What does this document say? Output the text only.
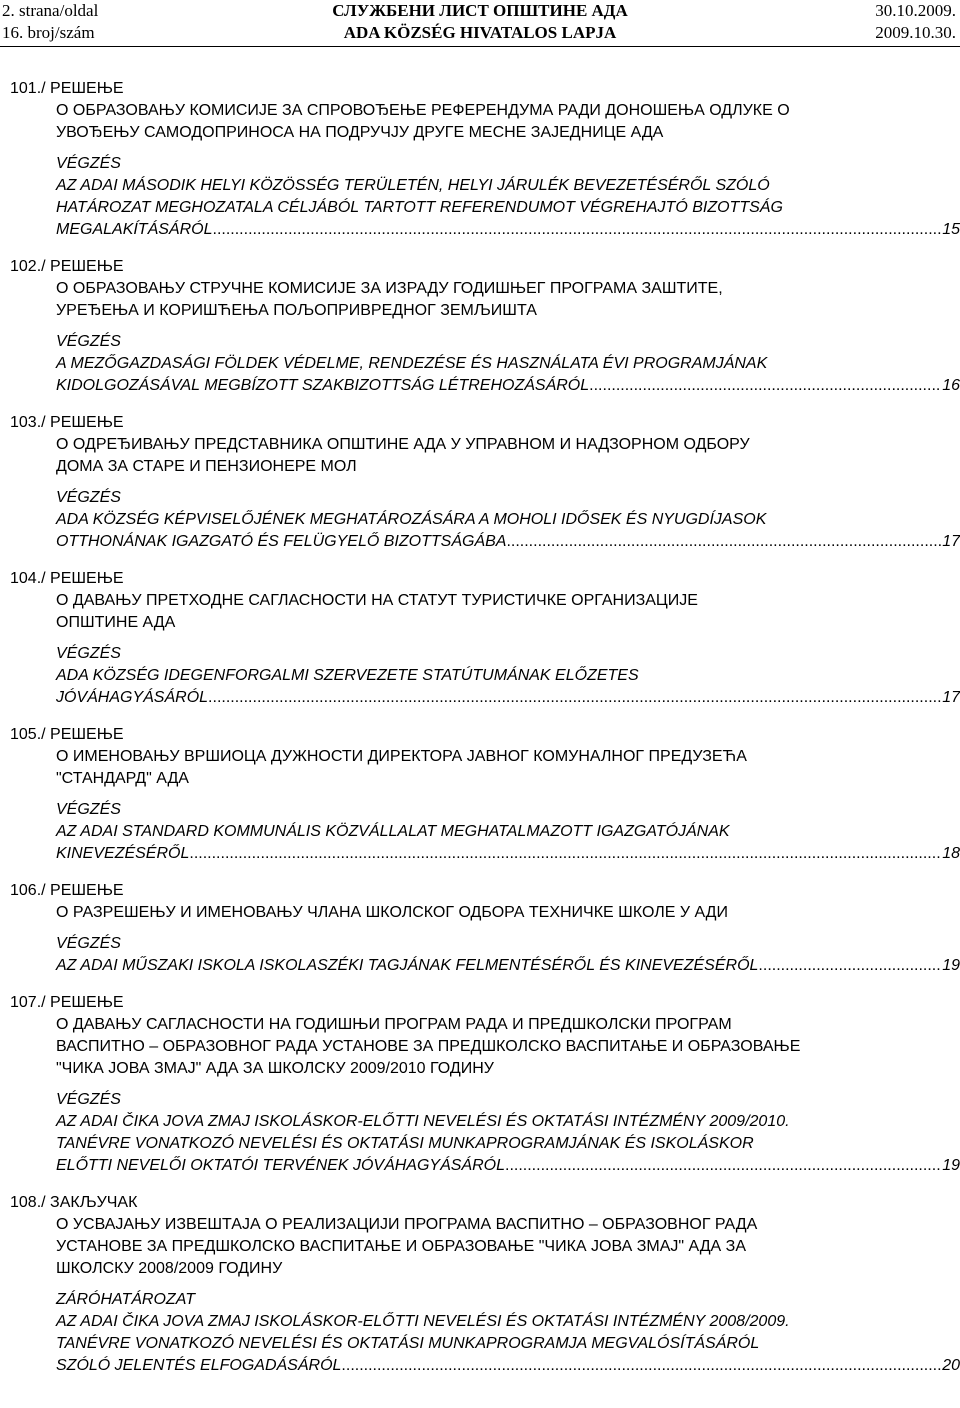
2. strana/oldal
16. broj/szám
СЛУЖБЕНИ ЛИСТ ОПШТИНЕ АДА
ADA KÖZSÉG HIVATALOS LAPJA
30.10.2009.
2009.10.30.
101./ РЕШЕЊЕ
О ОБРАЗОВАЊУ КОМИСИЈЕ ЗА СПРОВОЂЕЊЕ РЕФЕРЕНДУМА РАДИ ДОНОШЕЊА ОДЛУКЕ О
УВОЂЕЊУ САМОДОПРИНОСА НА ПОДРУЧЈУ ДРУГЕ МЕСНЕ ЗАЈЕДНИЦЕ АДА
VÉGZÉS
AZ ADAI MÁSODIK HELYI KÖZÖSSÉG TERÜLETÉN, HELYI JÁRULÉK BEVEZETÉSÉRŐL SZÓLÓ
HATÁROZAT MEGHOZATALA CÉLJÁBÓL TARTOTT REFERENDUMOT VÉGREHAJTÓ BIZOTTSÁG
MEGALAKÍTÁSÁRÓL .....	15
102./ РЕШЕЊЕ
О ОБРАЗОВАЊУ СТРУЧНЕ КОМИСИЈЕ ЗА ИЗРАДУ ГОДИШЊЕГ ПРОГРАМА ЗАШТИТЕ,
УРЕЂЕЊА И КОРИШЋЕЊА ПОЉОПРИВРЕДНОГ ЗЕМЉИШТА
VÉGZÉS
A MEZŐGAZDASÁGI FÖLDEK VÉDELME, RENDEZÉSE ÉS HASZNÁLATA ÉVI PROGRAMJÁNAK
KIDOLGOZÁSÁVAL MEGBÍZOTT SZAKBIZOTTSÁG LÉTREHOZÁSÁRÓL .....	16
103./ РЕШЕЊЕ
О ОДРЕЂИВАЊУ ПРЕДСТАВНИКА ОПШТИНЕ АДА У УПРАВНОМ И НАДЗОРНОМ ОДБОРУ
ДОМА ЗА СТАРЕ И ПЕНЗИОНЕРЕ МОЛ
VÉGZÉS
ADA KÖZSÉG KÉPVISELŐJÉNEK MEGHATÁROZÁSÁRA A MOHOLI IDŐSEK ÉS NYUGDÍJASOK
OTTHONÁNAK IGAZGATÓ ÉS FELÜGYELŐ BIZOTTSÁGÁBA .....	17
104./ РЕШЕЊЕ
О ДАВАЊУ ПРЕТХОДНЕ САГЛАСНОСТИ НА СТАТУТ ТУРИСТИЧКЕ ОРГАНИЗАЦИЈЕ
ОПШТИНЕ АДА
VÉGZÉS
ADA KÖZSÉG IDEGENFORGALMI SZERVEZETE STATÚTUMÁNAK ELŐZETES
JÓVÁHAGYÁSÁRÓL .....	17
105./ РЕШЕЊЕ
О ИМЕНОВАЊУ ВРШИОЦА ДУЖНОСТИ ДИРЕКТОРА ЈАВНОГ КОМУНАЛНОГ ПРЕДУЗЕЋА
"СТАНДАРД" АДА
VÉGZÉS
AZ ADAI STANDARD KOMMUNÁLIS KÖZVÁLLALAT MEGHATALMAZOTT IGAZGATÓJÁNAK
KINEVEZÉSÉRŐL .....	18
106./ РЕШЕЊЕ
О РАЗРЕШЕЊУ И ИМЕНОВАЊУ ЧЛАНА ШКОЛСКОГ ОДБОРА ТЕХНИЧКЕ ШКОЛЕ У АДИ
VÉGZÉS
AZ ADAI MŰSZAKI ISKOLA ISKOLASZÉKI TAGJÁNAK FELMENTÉSÉRŐL ÉS KINEVEZÉSÉRŐL .....	19
107./ РЕШЕЊЕ
О ДАВАЊУ САГЛАСНОСТИ НА ГОДИШЊИ ПРОГРАМ РАДА И ПРЕДШКОЛСКИ ПРОГРАМ
ВАСПИТНО – ОБРАЗОВНОГ РАДА УСТАНОВЕ ЗА ПРЕДШКОЛСКО ВАСПИТАЊЕ И ОБРАЗОВАЊЕ
"ЧИКА ЈОВА ЗМАЈ" АДА ЗА ШКОЛСКУ 2009/2010 ГОДИНУ
VÉGZÉS
AZ ADAI ČIKA JOVA ZMAJ ISKOLÁSKOR-ELŐTTI NEVELÉSI ÉS OKTATÁSI INTÉZMÉNY 2009/2010.
TANÉVRE VONATKOZÓ NEVELÉSI ÉS OKTATÁSI MUNKAPROGRAMJÁNAK ÉS ISKOLÁSKOR
ELŐTTI NEVELŐI OKTATÓI TERVÉNEK JÓVÁHAGYÁSÁRÓL .....	19
108./ ЗАКЉУЧАК
О УСВАЈАЊУ ИЗВЕШТАЈА О РЕАЛИЗАЦИЈИ ПРОГРАМА ВАСПИТНО – ОБРАЗОВНОГ РАДА
УСТАНОВЕ ЗА ПРЕДШКОЛСКО ВАСПИТАЊЕ И ОБРАЗОВАЊЕ "ЧИКА ЈОВА ЗМАЈ" АДА ЗА
ШКОЛСКУ 2008/2009 ГОДИНУ
ZÁRÓHATÁROZAT
AZ ADAI ČIKA JOVA ZMAJ ISKOLÁSKOR-ELŐTTI NEVELÉSI ÉS OKTATÁSI INTÉZMÉNY 2008/2009.
TANÉVRE VONATKOZÓ NEVELÉSI ÉS OKTATÁSI MUNKAPROGRAMJA MEGVALÓSÍTÁSÁRÓL
SZÓLÓ JELENTÉS ELFOGADÁSÁRÓL .....	20
